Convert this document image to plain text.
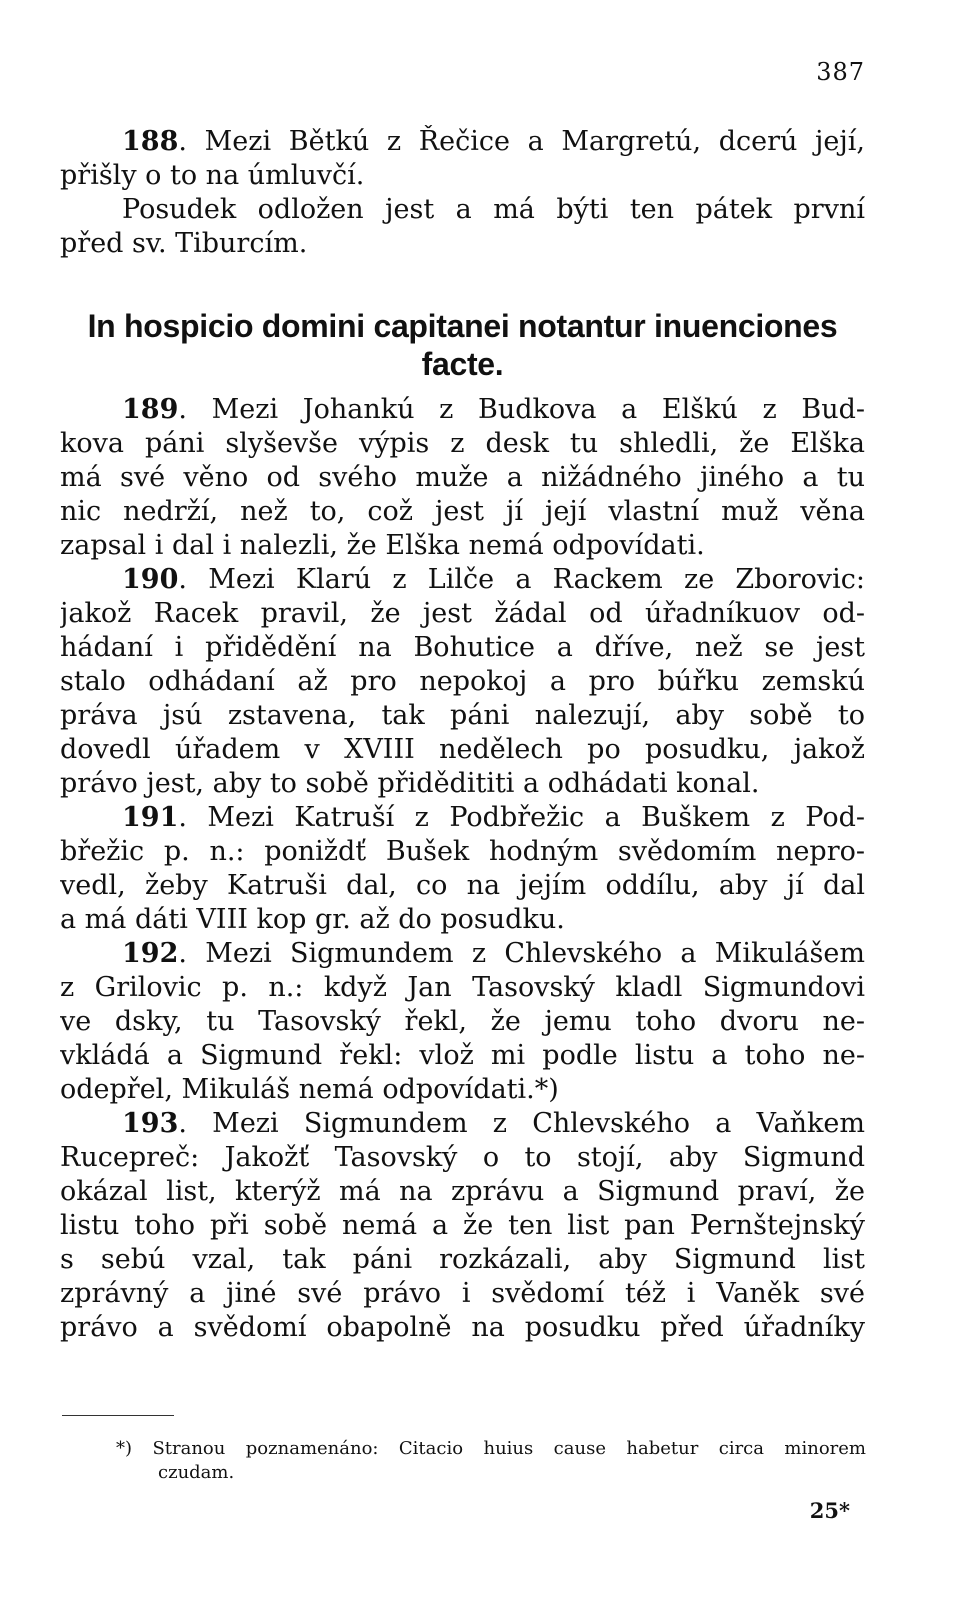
387
188. Mezi Bětkú z Řečice a Margretú, dcerú její,
přišly o to na úmluvčí.
Posudek odložen jest a má býti ten pátek první
před sv. Tiburcím.
In hospicio domini capitanei notantur inuenciones
facte.
189. Mezi Johankú z Budkova a Elškú z Bud-
kova páni slyševše výpis z desk tu shledli, že Elška
má své věno od svého muže a nižádného jiného a tu
nic nedrží, než to, což jest jí její vlastní muž věna
zapsal i dal i nalezli, že Elška nemá odpovídati.
190. Mezi Klarú z Lilče a Rackem ze Zborovic:
jakož Racek pravil, že jest žádal od úřadníkuov od-
hádaní i přidědění na Bohutice a dříve, než se jest
stalo odhádaní až pro nepokoj a pro búřku zemskú
práva jsú zstavena, tak páni nalezují, aby sobě to
dovedl úřadem v XVIII nedělech po posudku, jakož
právo jest, aby to sobě přidědititi a odhádati konal.
191. Mezi Katruší z Podbřežic a Buškem z Pod-
břežic p. n.: poniždť Bušek hodným svědomím nepro-
vedl, žeby Katruši dal, co na jejím oddílu, aby jí dal
a má dáti VIII kop gr. až do posudku.
192. Mezi Sigmundem z Chlevského a Mikulášem
z Grilovic p. n.: když Jan Tasovský kladl Sigmundovi
ve dsky, tu Tasovský řekl, že jemu toho dvoru ne-
vkládá a Sigmund řekl: vlož mi podle listu a toho ne-
odepřel, Mikuláš nemá odpovídati.*)
193. Mezi Sigmundem z Chlevského a Vaňkem
Rucepreč: Jakožť Tasovský o to stojí, aby Sigmund
okázal list, kterýž má na zprávu a Sigmund praví, že
listu toho při sobě nemá a že ten list pan Pernštejnský
s sebú vzal, tak páni rozkázali, aby Sigmund list
zprávný a jiné své právo i svědomí též i Vaněk své
právo a svědomí obapolně na posudku před úřadníky
*) Stranou poznamenáno: Citacio huius cause habetur circa minorem
czudam.
25*
